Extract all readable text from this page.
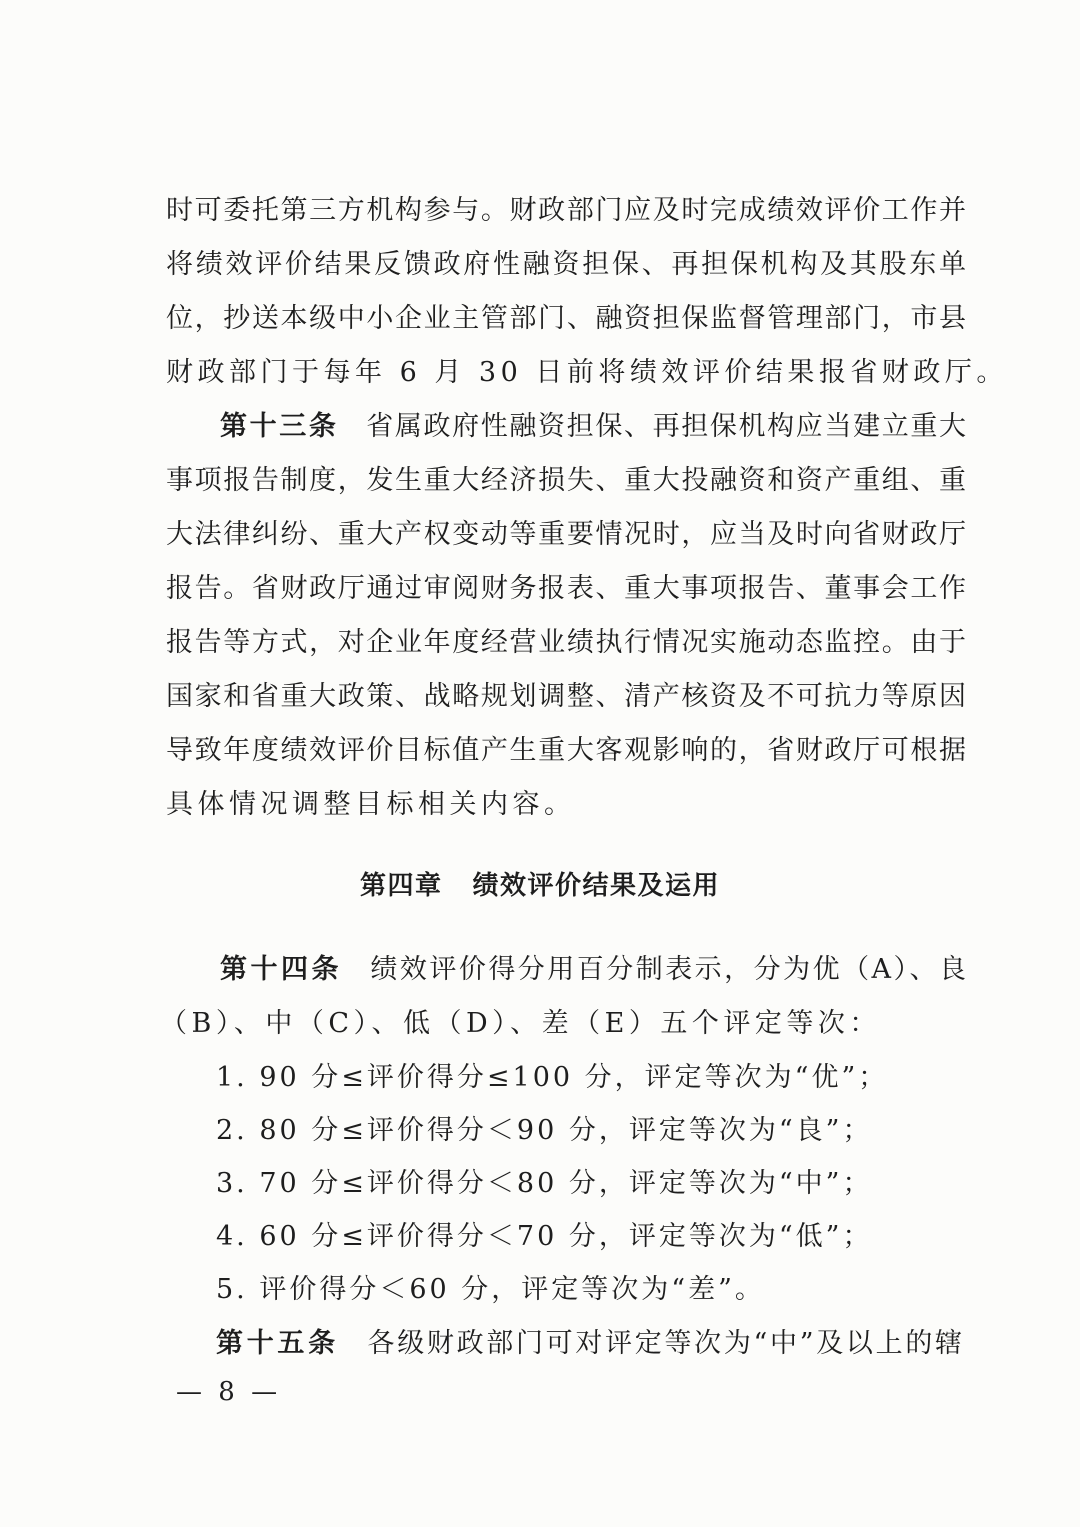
时可委托第三方机构参与。财政部门应及时完成绩效评价工作并
将绩效评价结果反馈政府性融资担保、再担保机构及其股东单
位，抄送本级中小企业主管部门、融资担保监督管理部门，市县
财政部门于每年 6 月 30 日前将绩效评价结果报省财政厅。
第十三条 省属政府性融资担保、再担保机构应当建立重大
事项报告制度，发生重大经济损失、重大投融资和资产重组、重
大法律纠纷、重大产权变动等重要情况时，应当及时向省财政厅
报告。省财政厅通过审阅财务报表、重大事项报告、董事会工作
报告等方式，对企业年度经营业绩执行情况实施动态监控。由于
国家和省重大政策、战略规划调整、清产核资及不可抗力等原因
导致年度绩效评价目标值产生重大客观影响的，省财政厅可根据
具体情况调整目标相关内容。
第四章 绩效评价结果及运用
第十四条 绩效评价得分用百分制表示，分为优（A）、良
（B）、中（C）、低（D）、差（E）五个评定等次：
1. 90 分≤评价得分≤100 分，评定等次为“优”；
2. 80 分≤评价得分＜90 分，评定等次为“良”；
3. 70 分≤评价得分＜80 分，评定等次为“中”；
4. 60 分≤评价得分＜70 分，评定等次为“低”；
5. 评价得分＜60 分，评定等次为“差”。
第十五条 各级财政部门可对评定等次为“中”及以上的辖
— 8 —
